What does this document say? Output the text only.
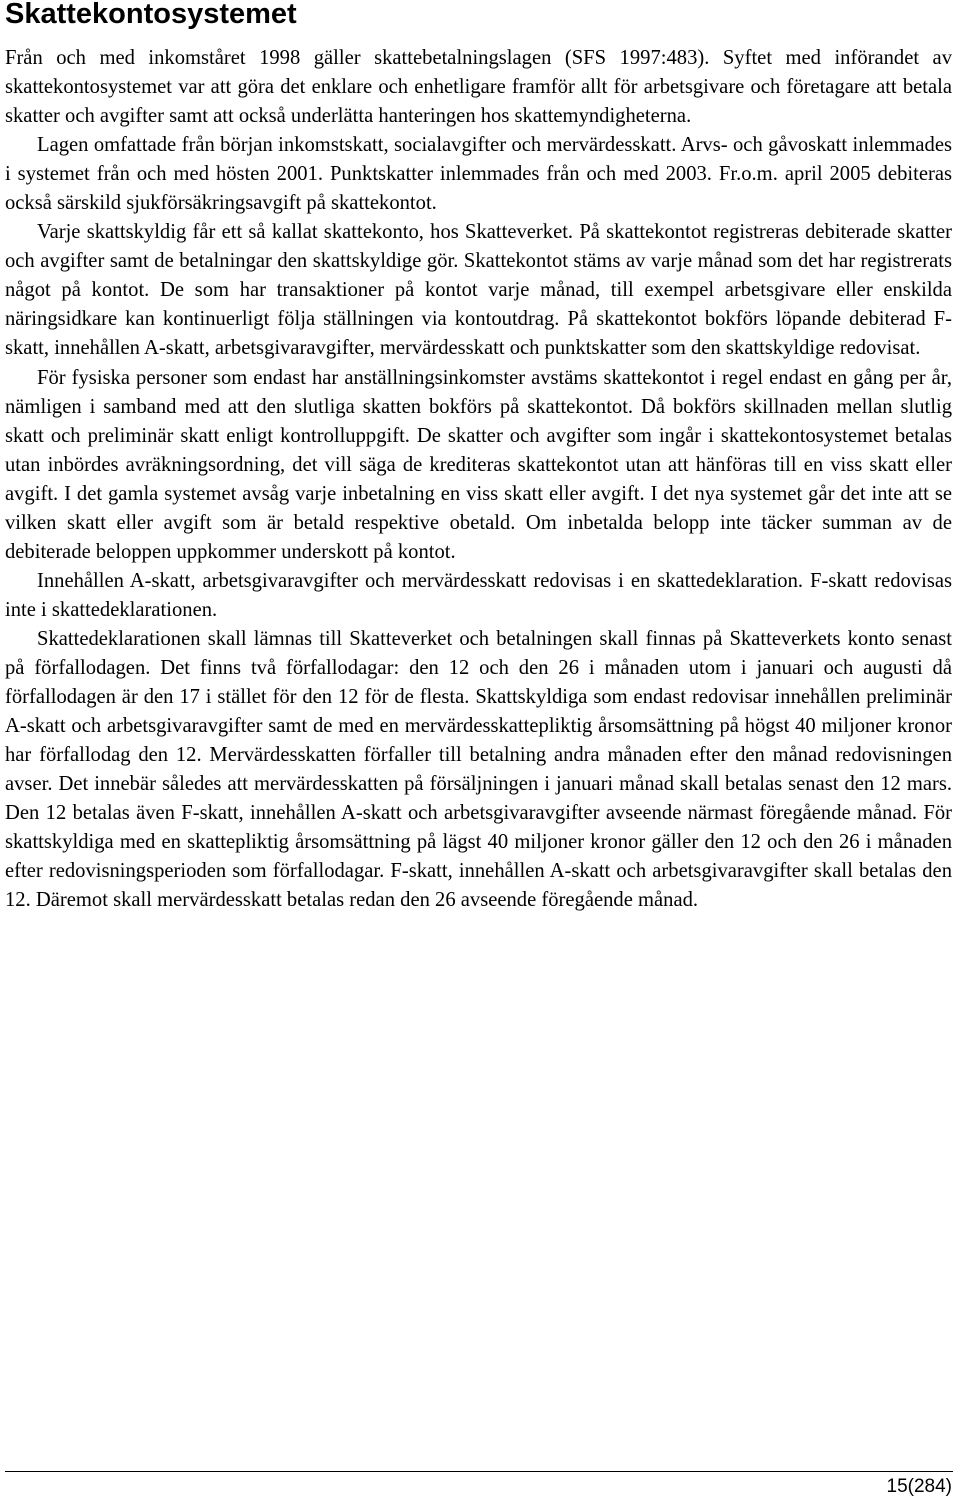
Skattekontosystemet

Från och med inkomståret 1998 gäller skattebetalningslagen (SFS 1997:483). Syftet med införandet av skattekontosystemet var att göra det enklare och enhetligare framför allt för arbetsgivare och företagare att betala skatter och avgifter samt att också underlätta hanteringen hos skattemyndigheterna.

Lagen omfattade från början inkomstskatt, socialavgifter och mervärdesskatt. Arvs- och gåvoskatt inlemmades i systemet från och med hösten 2001. Punktskatter inlemmades från och med 2003. Fr.o.m. april 2005 debiteras också särskild sjukförsäkringsavgift på skattekontot.

Varje skattskyldig får ett så kallat skattekonto, hos Skatteverket. På skattekontot registreras debiterade skatter och avgifter samt de betalningar den skattskyldige gör. Skattekontot stäms av varje månad som det har registrerats något på kontot. De som har transaktioner på kontot varje månad, till exempel arbetsgivare eller enskilda näringsidkare kan kontinuerligt följa ställningen via kontoutdrag. På skattekontot bokförs löpande debiterad F-skatt, innehållen A-skatt, arbetsgivaravgifter, mervärdesskatt och punktskatter som den skattskyldige redovisat.

För fysiska personer som endast har anställningsinkomster avstäms skattekontot i regel endast en gång per år, nämligen i samband med att den slutliga skatten bokförs på skattekontot. Då bokförs skillnaden mellan slutlig skatt och preliminär skatt enligt kontrolluppgift. De skatter och avgifter som ingår i skattekontosystemet betalas utan inbördes avräkningsordning, det vill säga de krediteras skattekontot utan att hänföras till en viss skatt eller avgift. I det gamla systemet avsåg varje inbetalning en viss skatt eller avgift. I det nya systemet går det inte att se vilken skatt eller avgift som är betald respektive obetald. Om inbetalda belopp inte täcker summan av de debiterade beloppen uppkommer underskott på kontot.

Innehållen A-skatt, arbetsgivaravgifter och mervärdesskatt redovisas i en skattedeklaration. F-skatt redovisas inte i skattedeklarationen.

Skattedeklarationen skall lämnas till Skatteverket och betalningen skall finnas på Skatteverkets konto senast på förfallodagen. Det finns två förfallodagar: den 12 och den 26 i månaden utom i januari och augusti då förfallodagen är den 17 i stället för den 12 för de flesta. Skattskyldiga som endast redovisar innehållen preliminär A-skatt och arbetsgivaravgifter samt de med en mervärdesskattepliktig årsomsättning på högst 40 miljoner kronor har förfallodag den 12. Mervärdesskatten förfaller till betalning andra månaden efter den månad redovisningen avser. Det innebär således att mervärdesskatten på försäljningen i januari månad skall betalas senast den 12 mars. Den 12 betalas även F-skatt, innehållen A-skatt och arbetsgivaravgifter avseende närmast föregående månad. För skattskyldiga med en skattepliktig årsomsättning på lägst 40 miljoner kronor gäller den 12 och den 26 i månaden efter redovisningsperioden som förfallodagar. F-skatt, innehållen A-skatt och arbetsgivaravgifter skall betalas den 12. Däremot skall mervärdesskatt betalas redan den 26 avseende föregående månad.

15(284)
